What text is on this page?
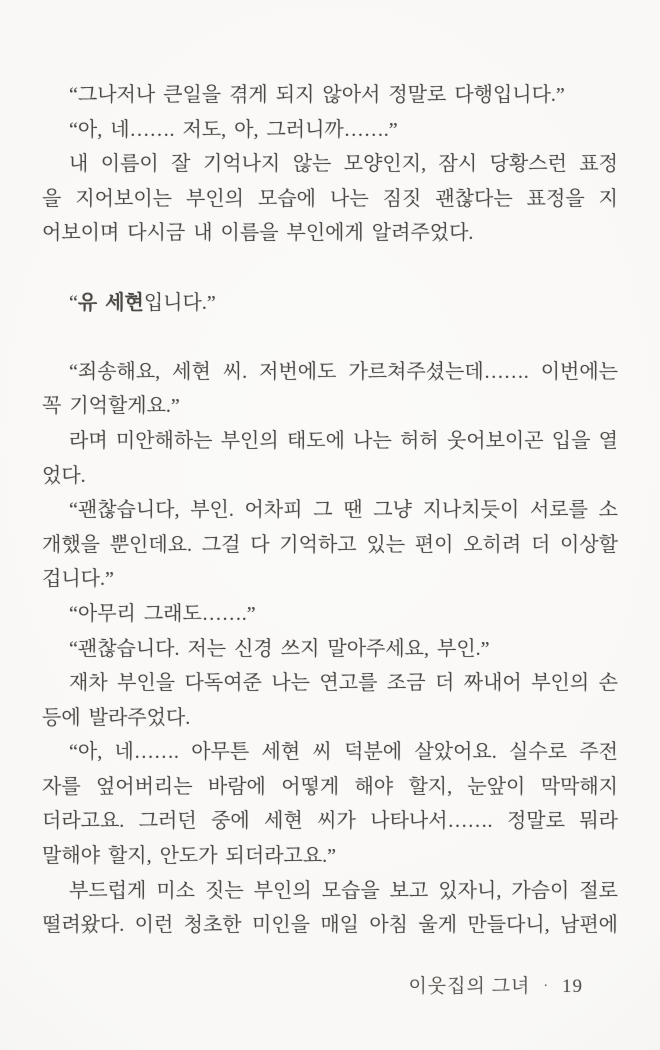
“그나저나 큰일을 겪게 되지 않아서 정말로 다행입니다.”
“아, 네……. 저도, 아, 그러니까…….”
내 이름이 잘 기억나지 않는 모양인지, 잠시 당황스런 표정
을 지어보이는 부인의 모습에 나는 짐짓 괜찮다는 표정을 지
어보이며 다시금 내 이름을 부인에게 알려주었다.
“유 세현입니다.”
“죄송해요, 세현 씨. 저번에도 가르쳐주셨는데……. 이번에는
꼭 기억할게요.”
라며 미안해하는 부인의 태도에 나는 허허 웃어보이곤 입을 열
었다.
“괜찮습니다, 부인. 어차피 그 땐 그냥 지나치듯이 서로를 소
개했을 뿐인데요. 그걸 다 기억하고 있는 편이 오히려 더 이상할
겁니다.”
“아무리 그래도…….”
“괜찮습니다. 저는 신경 쓰지 말아주세요, 부인.”
재차 부인을 다독여준 나는 연고를 조금 더 짜내어 부인의 손
등에 발라주었다.
“아, 네……. 아무튼 세현 씨 덕분에 살았어요. 실수로 주전
자를 엎어버리는 바람에 어떻게 해야 할지, 눈앞이 막막해지
더라고요. 그러던 중에 세현 씨가 나타나서……. 정말로 뭐라
말해야 할지, 안도가 되더라고요.”
부드럽게 미소 짓는 부인의 모습을 보고 있자니, 가슴이 절로
떨려왔다. 이런 청초한 미인을 매일 아침 울게 만들다니, 남편에
이웃집의 그녀 · 19
